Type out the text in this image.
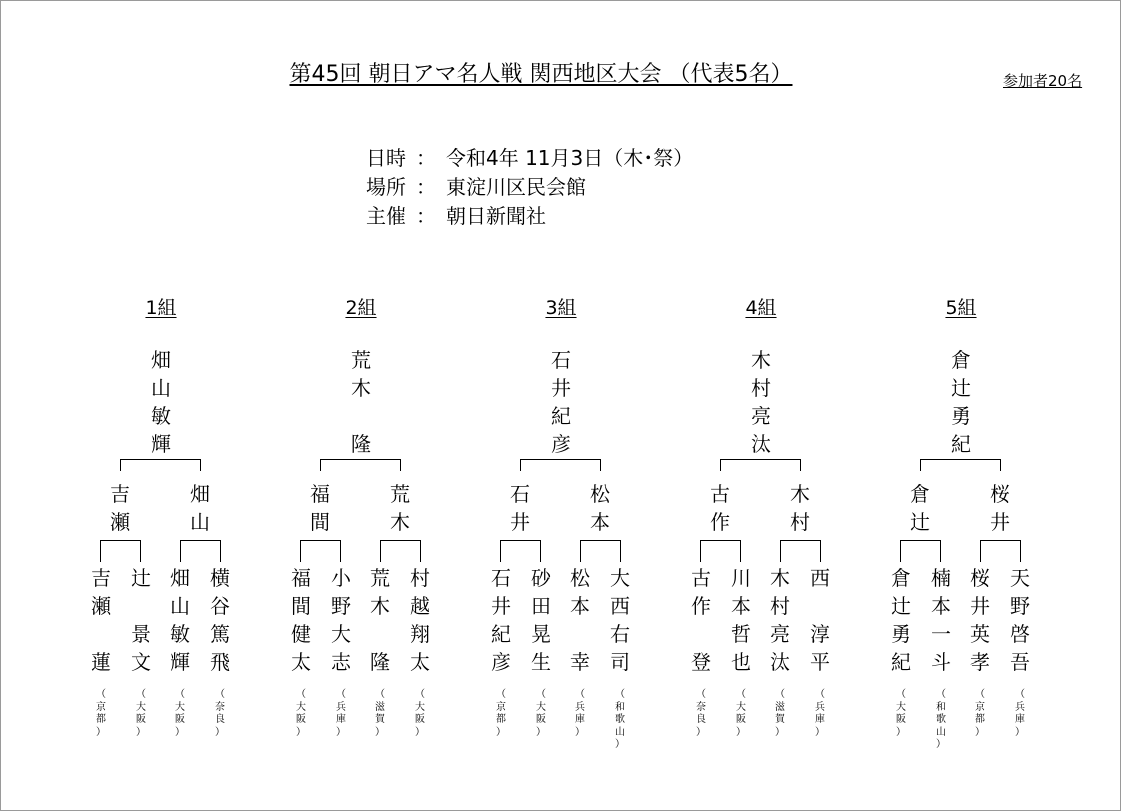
第45回 朝日アマ名人戦 関西地区大会 （代表5名）	参加者20名
日時 ： 令和4年 11月3日（木･祭）
場所 ： 東淀川区民会館
主催 ： 朝日新聞社
1組
畑
山
敏
輝
吉
瀬
畑
山
吉
瀬
蓮
（
京
都
）
辻
景
文
（
大
阪
）
畑
山
敏
輝
（
大
阪
）
横
谷
篤
飛
（
奈
良
）
2組
荒
木
隆
福
間
荒
木
福
間
健
太
（
大
阪
）
小
野
大
志
（
兵
庫
）
荒
木
隆
（
滋
賀
）
村
越
翔
太
（
大
阪
）
3組
石
井
紀
彦
石
井
松
本
石
井
紀
彦
（
京
都
）
砂
田
晃
生
（
大
阪
）
松
本
幸
（
兵
庫
）
大
西
右
司
（
和
歌
山
）
4組
木
村
亮
汰
古
作
木
村
古
作
登
（
奈
良
）
川
本
哲
也
（
大
阪
）
木
村
亮
汰
（
滋
賀
）
西
淳
平
（
兵
庫
）
5組
倉
辻
勇
紀
倉
辻
桜
井
倉
辻
勇
紀
（
大
阪
）
楠
本
一
斗
（
和
歌
山
）
桜
井
英
孝
（
京
都
）
天
野
啓
吾
（
兵
庫
）
